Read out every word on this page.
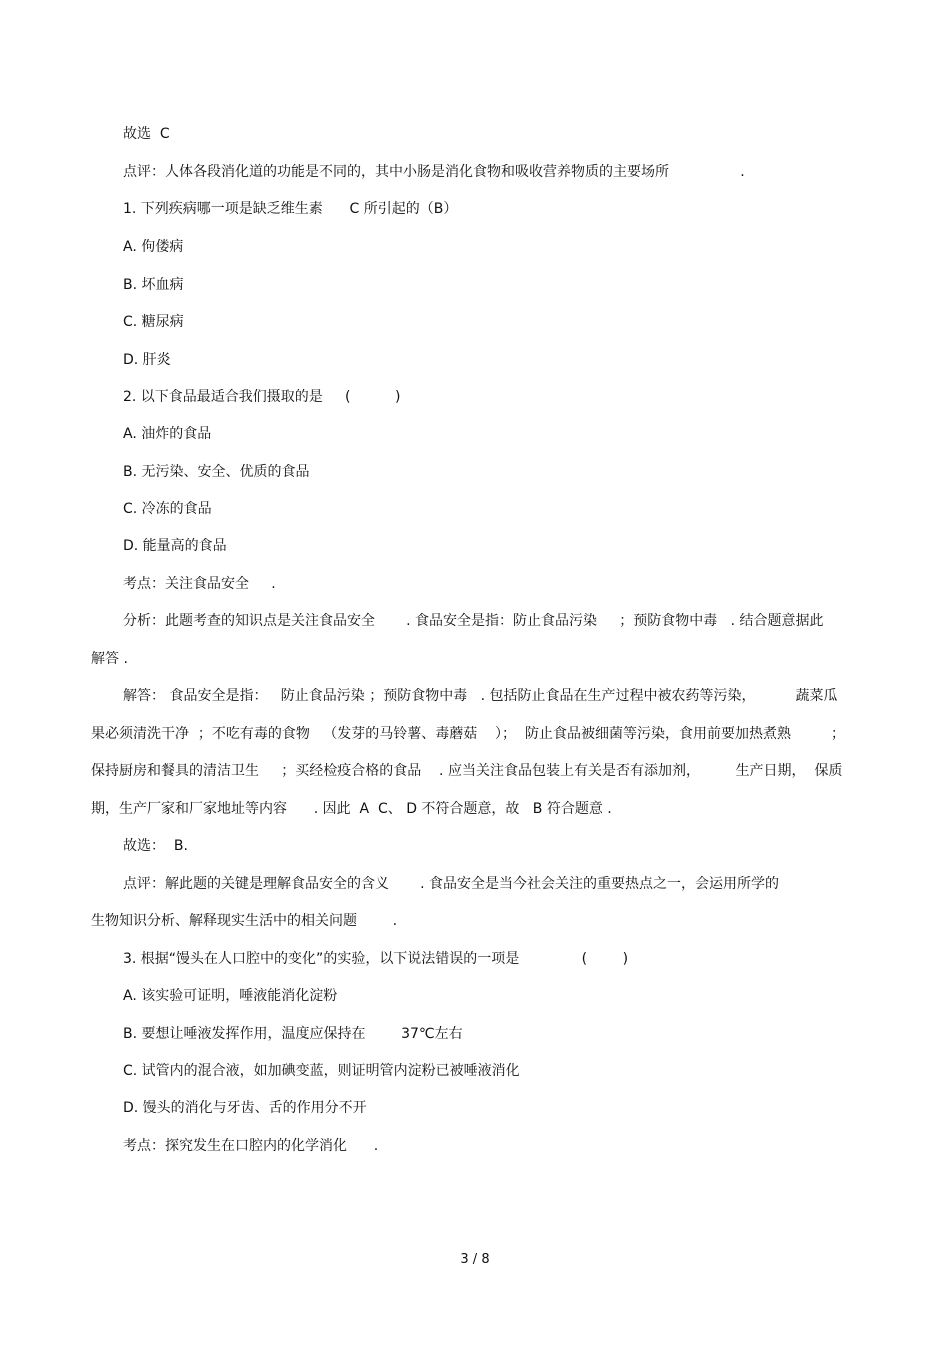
故选  C
点评：人体各段消化道的功能是不同的，其中小肠是消化食物和吸收营养物质的主要场所                .
1. 下列疾病哪一项是缺乏维生素      C 所引起的（B）
A. 佝偻病
B. 坏血病
C. 糖尿病
D. 肝炎
2. 以下食品最适合我们摄取的是     (          )
A. 油炸的食品
B. 无污染、安全、优质的食品
C. 冷冻的食品
D. 能量高的食品
考点：关注食品安全     .
分析：此题考查的知识点是关注食品安全       . 食品安全是指：防止食品污染     ；预防食物中毒   . 结合题意据此
解答 .
解答： 食品安全是指：   防止食品污染 ；预防食物中毒   . 包括防止食品在生产过程中被农药等污染，         蔬菜瓜
果必须清洗干净  ；不吃有毒的食物   （发芽的马铃薯、毒蘑菇    ）；  防止食品被细菌等污染，食用前要加热煮熟         ；
保持厨房和餐具的清洁卫生     ；买经检疫合格的食品    . 应当关注食品包装上有关是否有添加剂，        生产日期，  保质
期，生产厂家和厂家地址等内容      . 因此  A  C、 D 不符合题意，故   B 符合题意 .
故选：  B.
点评：解此题的关键是理解食品安全的含义       . 食品安全是当今社会关注的重要热点之一，会运用所学的
生物知识分析、解释现实生活中的相关问题        .
3. 根据“馒头在人口腔中的变化”的实验，以下说法错误的一项是              (        )
A. 该实验可证明，唾液能消化淀粉
B. 要想让唾液发挥作用，温度应保持在        37℃左右
C. 试管内的混合液，如加碘变蓝，则证明管内淀粉已被唾液消化
D. 馒头的消化与牙齿、舌的作用分不开
考点：探究发生在口腔内的化学消化      .
3 / 8
